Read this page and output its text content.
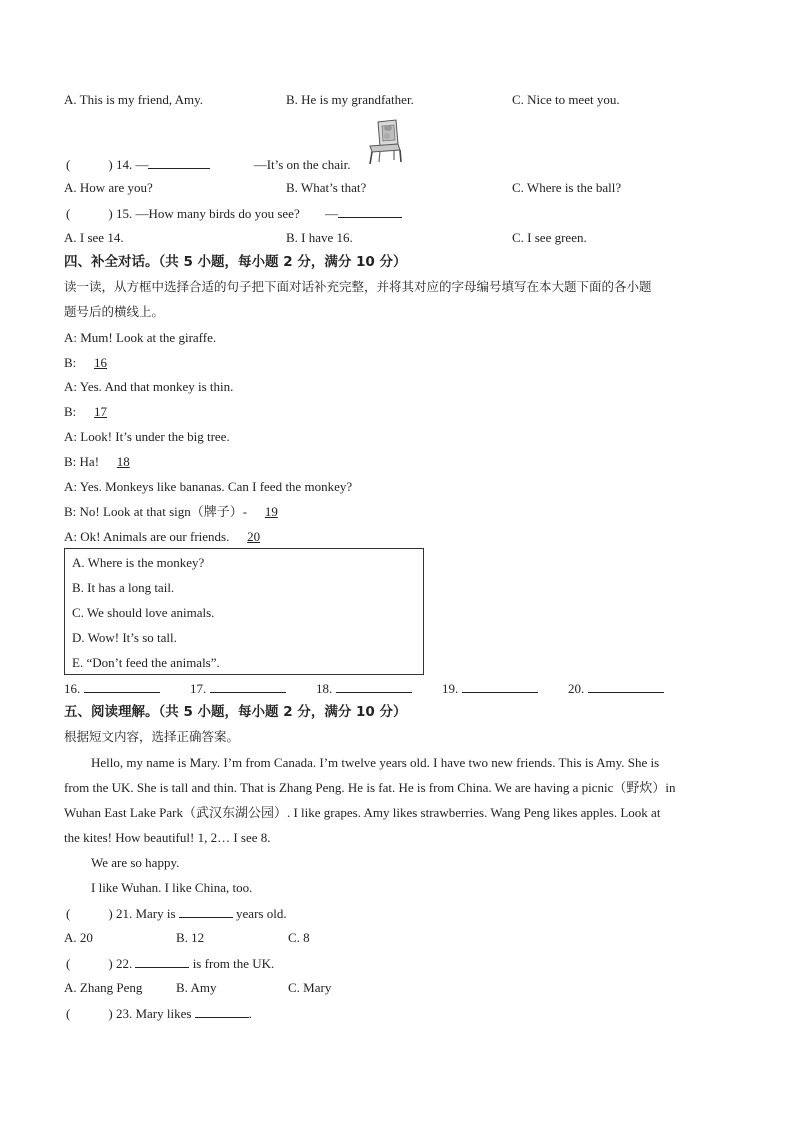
A. This is my friend, Amy.	B. He is my grandfather.	C. Nice to meet you.
(	) 14. —	—It’s on the chair.
A. How are you?	B. What’s that?	C. Where is the ball?
(	) 15. —How many birds do you see? —
A. I see 14.	B. I have 16.	C. I see green.
四、补全对话。（共 5 小题，每小题 2 分，满分 10 分）
读一读，从方框中选择合适的句子把下面对话补充完整，并将其对应的字母编号填写在本大题下面的各小题
题号后的横线上。
A: Mum! Look at the giraffe.
B: 16
A: Yes. And that monkey is thin.
B: 17
A: Look! It’s under the big tree.
B: Ha! 18
A: Yes. Monkeys like bananas. Can I feed the monkey?
B: No! Look at that sign（牌子）- 19
A: Ok! Animals are our friends. 20
A. Where is the monkey?
B. It has a long tail.
C. We should love animals.
D. Wow! It’s so tall.
E. “Don’t feed the animals”.
16.	17.	18.	19.	20.
五、阅读理解。（共 5 小题，每小题 2 分，满分 10 分）
根据短文内容，选择正确答案。
Hello, my name is Mary. I’m from Canada. I’m twelve years old. I have two new friends. This is Amy. She is
from the UK. She is tall and thin. That is Zhang Peng. He is fat. He is from China. We are having a picnic（野炊）in
Wuhan East Lake Park（武汉东湖公园）. I like grapes. Amy likes strawberries. Wang Peng likes apples. Look at
the kites! How beautiful! 1, 2… I see 8.
We are so happy.
I like Wuhan. I like China, too.
(	) 21. Mary is	years old.
A. 20	B. 12	C. 8
(	) 22.	is from the UK.
A. Zhang Peng	B. Amy	C. Mary
(	) 23. Mary likes	.
